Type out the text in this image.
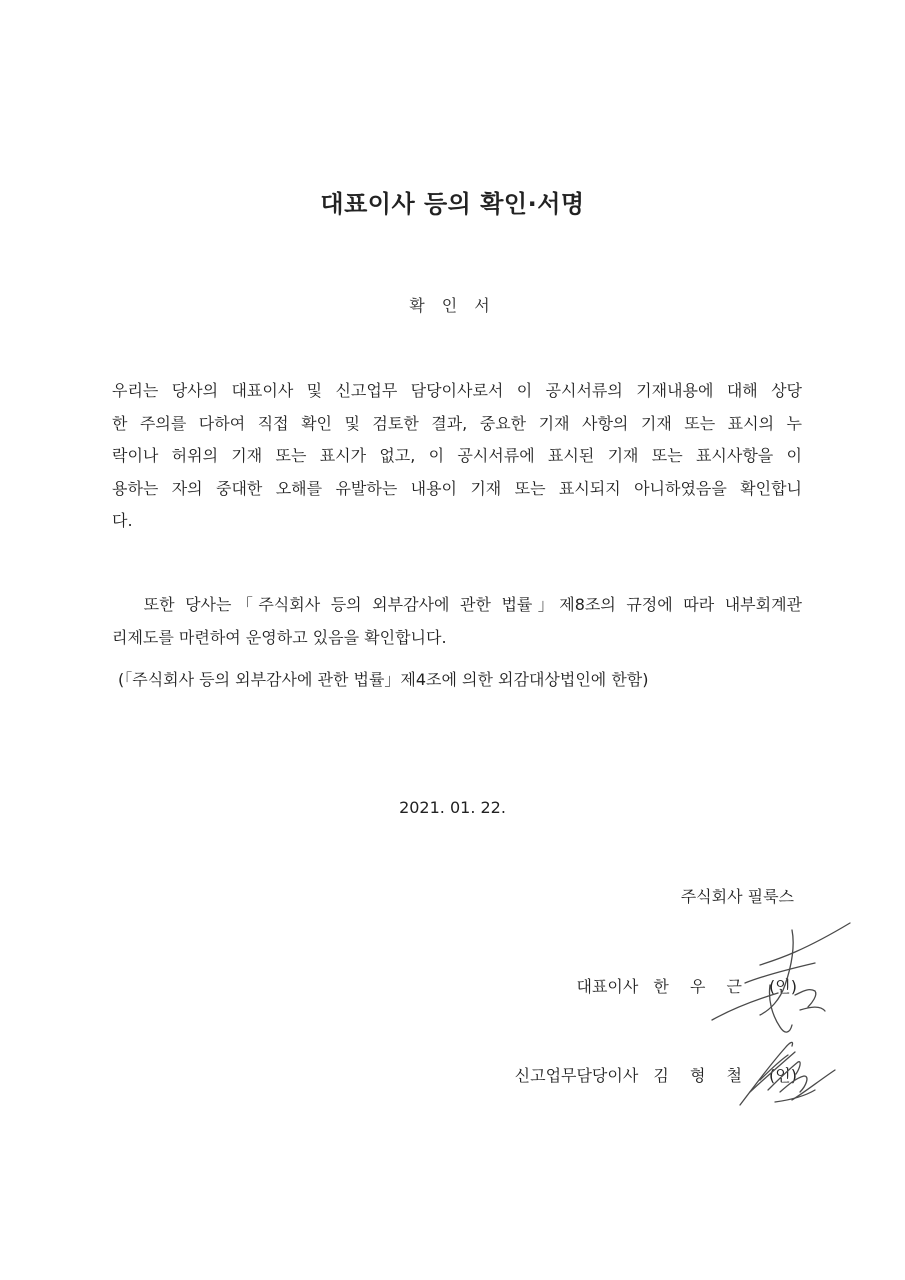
대표이사 등의 확인·서명
확 인 서
우리는 당사의 대표이사 및 신고업무 담당이사로서 이 공시서류의 기재내용에 대해 상당
한 주의를 다하여 직접 확인 및 검토한 결과, 중요한 기재 사항의 기재 또는 표시의 누
락이나 허위의 기재 또는 표시가 없고, 이 공시서류에 표시된 기재 또는 표시사항을 이
용하는 자의 중대한 오해를 유발하는 내용이 기재 또는 표시되지 아니하였음을 확인합니
다.
또한 당사는「주식회사 등의 외부감사에 관한 법률」제8조의 규정에 따라 내부회계관
리제도를 마련하여 운영하고 있음을 확인합니다.
(「주식회사 등의 외부감사에 관한 법률」제4조에 의한 외감대상법인에 한함)
2021. 01. 22.
주식회사 필룩스
대표이사 한 우 근 (인)
신고업무담당이사 김 형 철 (인)
